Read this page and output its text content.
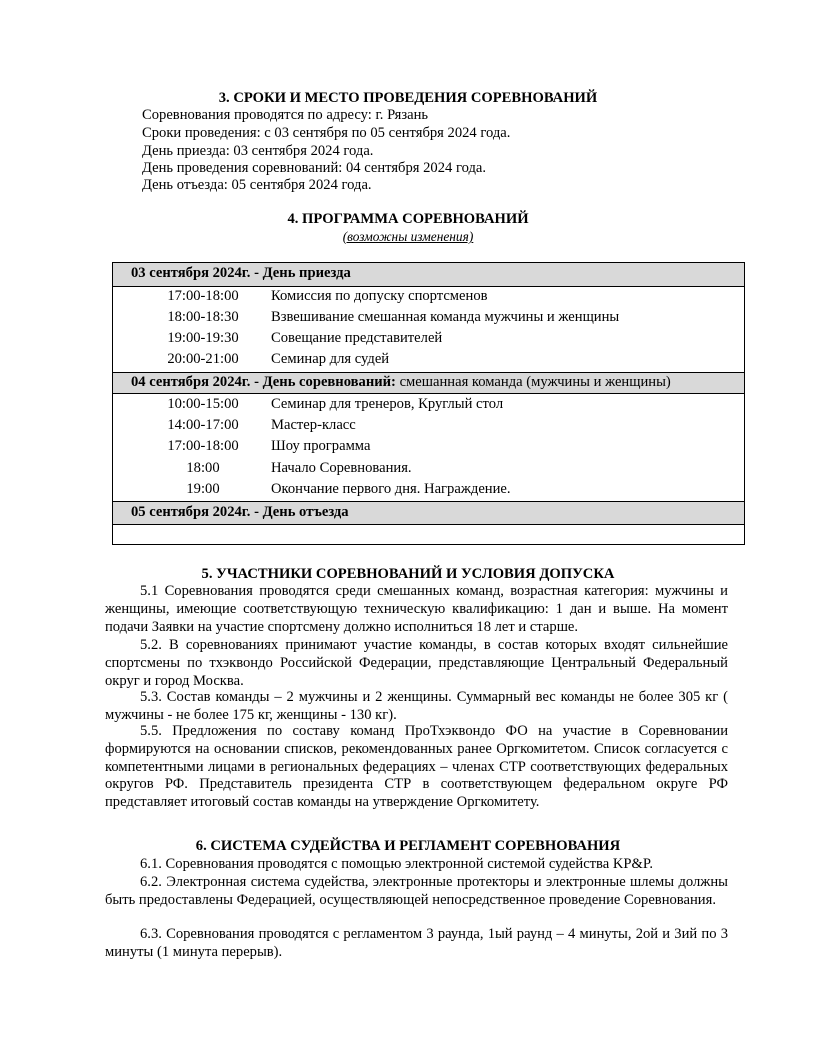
3. СРОКИ И МЕСТО ПРОВЕДЕНИЯ СОРЕВНОВАНИЙ
Соревнования проводятся по адресу: г. Рязань
Сроки проведения: с 03 сентября по 05 сентября 2024 года.
День приезда: 03 сентября 2024 года.
День проведения соревнований: 04 сентября 2024 года.
День отъезда: 05 сентября 2024 года.
4. ПРОГРАММА СОРЕВНОВАНИЙ
(возможны изменения)
03 сентября 2024г. - День приезда
17:00-18:00	Комиссия по допуску спортсменов
18:00-18:30	Взвешивание смешанная команда мужчины и женщины
19:00-19:30	Совещание представителей
20:00-21:00	Семинар для судей
04 сентября 2024г. - День соревнований: смешанная команда (мужчины и женщины)
10:00-15:00	Семинар для тренеров, Круглый стол
14:00-17:00	Мастер-класс
17:00-18:00	Шоу программа
18:00	Начало Соревнования.
19:00	Окончание первого дня. Награждение.
05 сентября 2024г. - День отъезда
5. УЧАСТНИКИ СОРЕВНОВАНИЙ И УСЛОВИЯ ДОПУСКА
5.1 Соревнования проводятся среди смешанных команд, возрастная категория: мужчины и женщины, имеющие соответствующую техническую квалификацию: 1 дан и выше. На момент подачи Заявки на участие спортсмену должно исполниться 18 лет и старше.
5.2. В соревнованиях принимают участие команды, в состав которых входят сильнейшие спортсмены по тхэквондо Российской Федерации, представляющие Центральный Федеральный округ и город Москва.
5.3. Состав команды – 2 мужчины и 2 женщины. Суммарный вес команды не более 305 кг ( мужчины - не более 175 кг, женщины - 130 кг).
5.5. Предложения по составу команд ПроТхэквондо ФО на участие в Соревновании формируются на основании списков, рекомендованных ранее Оргкомитетом. Список согласуется с компетентными лицами в региональных федерациях – членах СТР соответствующих федеральных округов РФ. Представитель президента СТР в соответствующем федеральном округе РФ представляет итоговый состав команды на утверждение Оргкомитету.
6. СИСТЕМА СУДЕЙСТВА И РЕГЛАМЕНТ СОРЕВНОВАНИЯ
6.1. Соревнования проводятся с помощью электронной системой судейства KP&P.
6.2. Электронная система судейства, электронные протекторы и электронные шлемы должны быть предоставлены Федерацией, осуществляющей непосредственное проведение Соревнования.
6.3. Соревнования проводятся с регламентом 3 раунда, 1ый раунд – 4 минуты, 2ой и 3ий по 3 минуты (1 минута перерыв).
